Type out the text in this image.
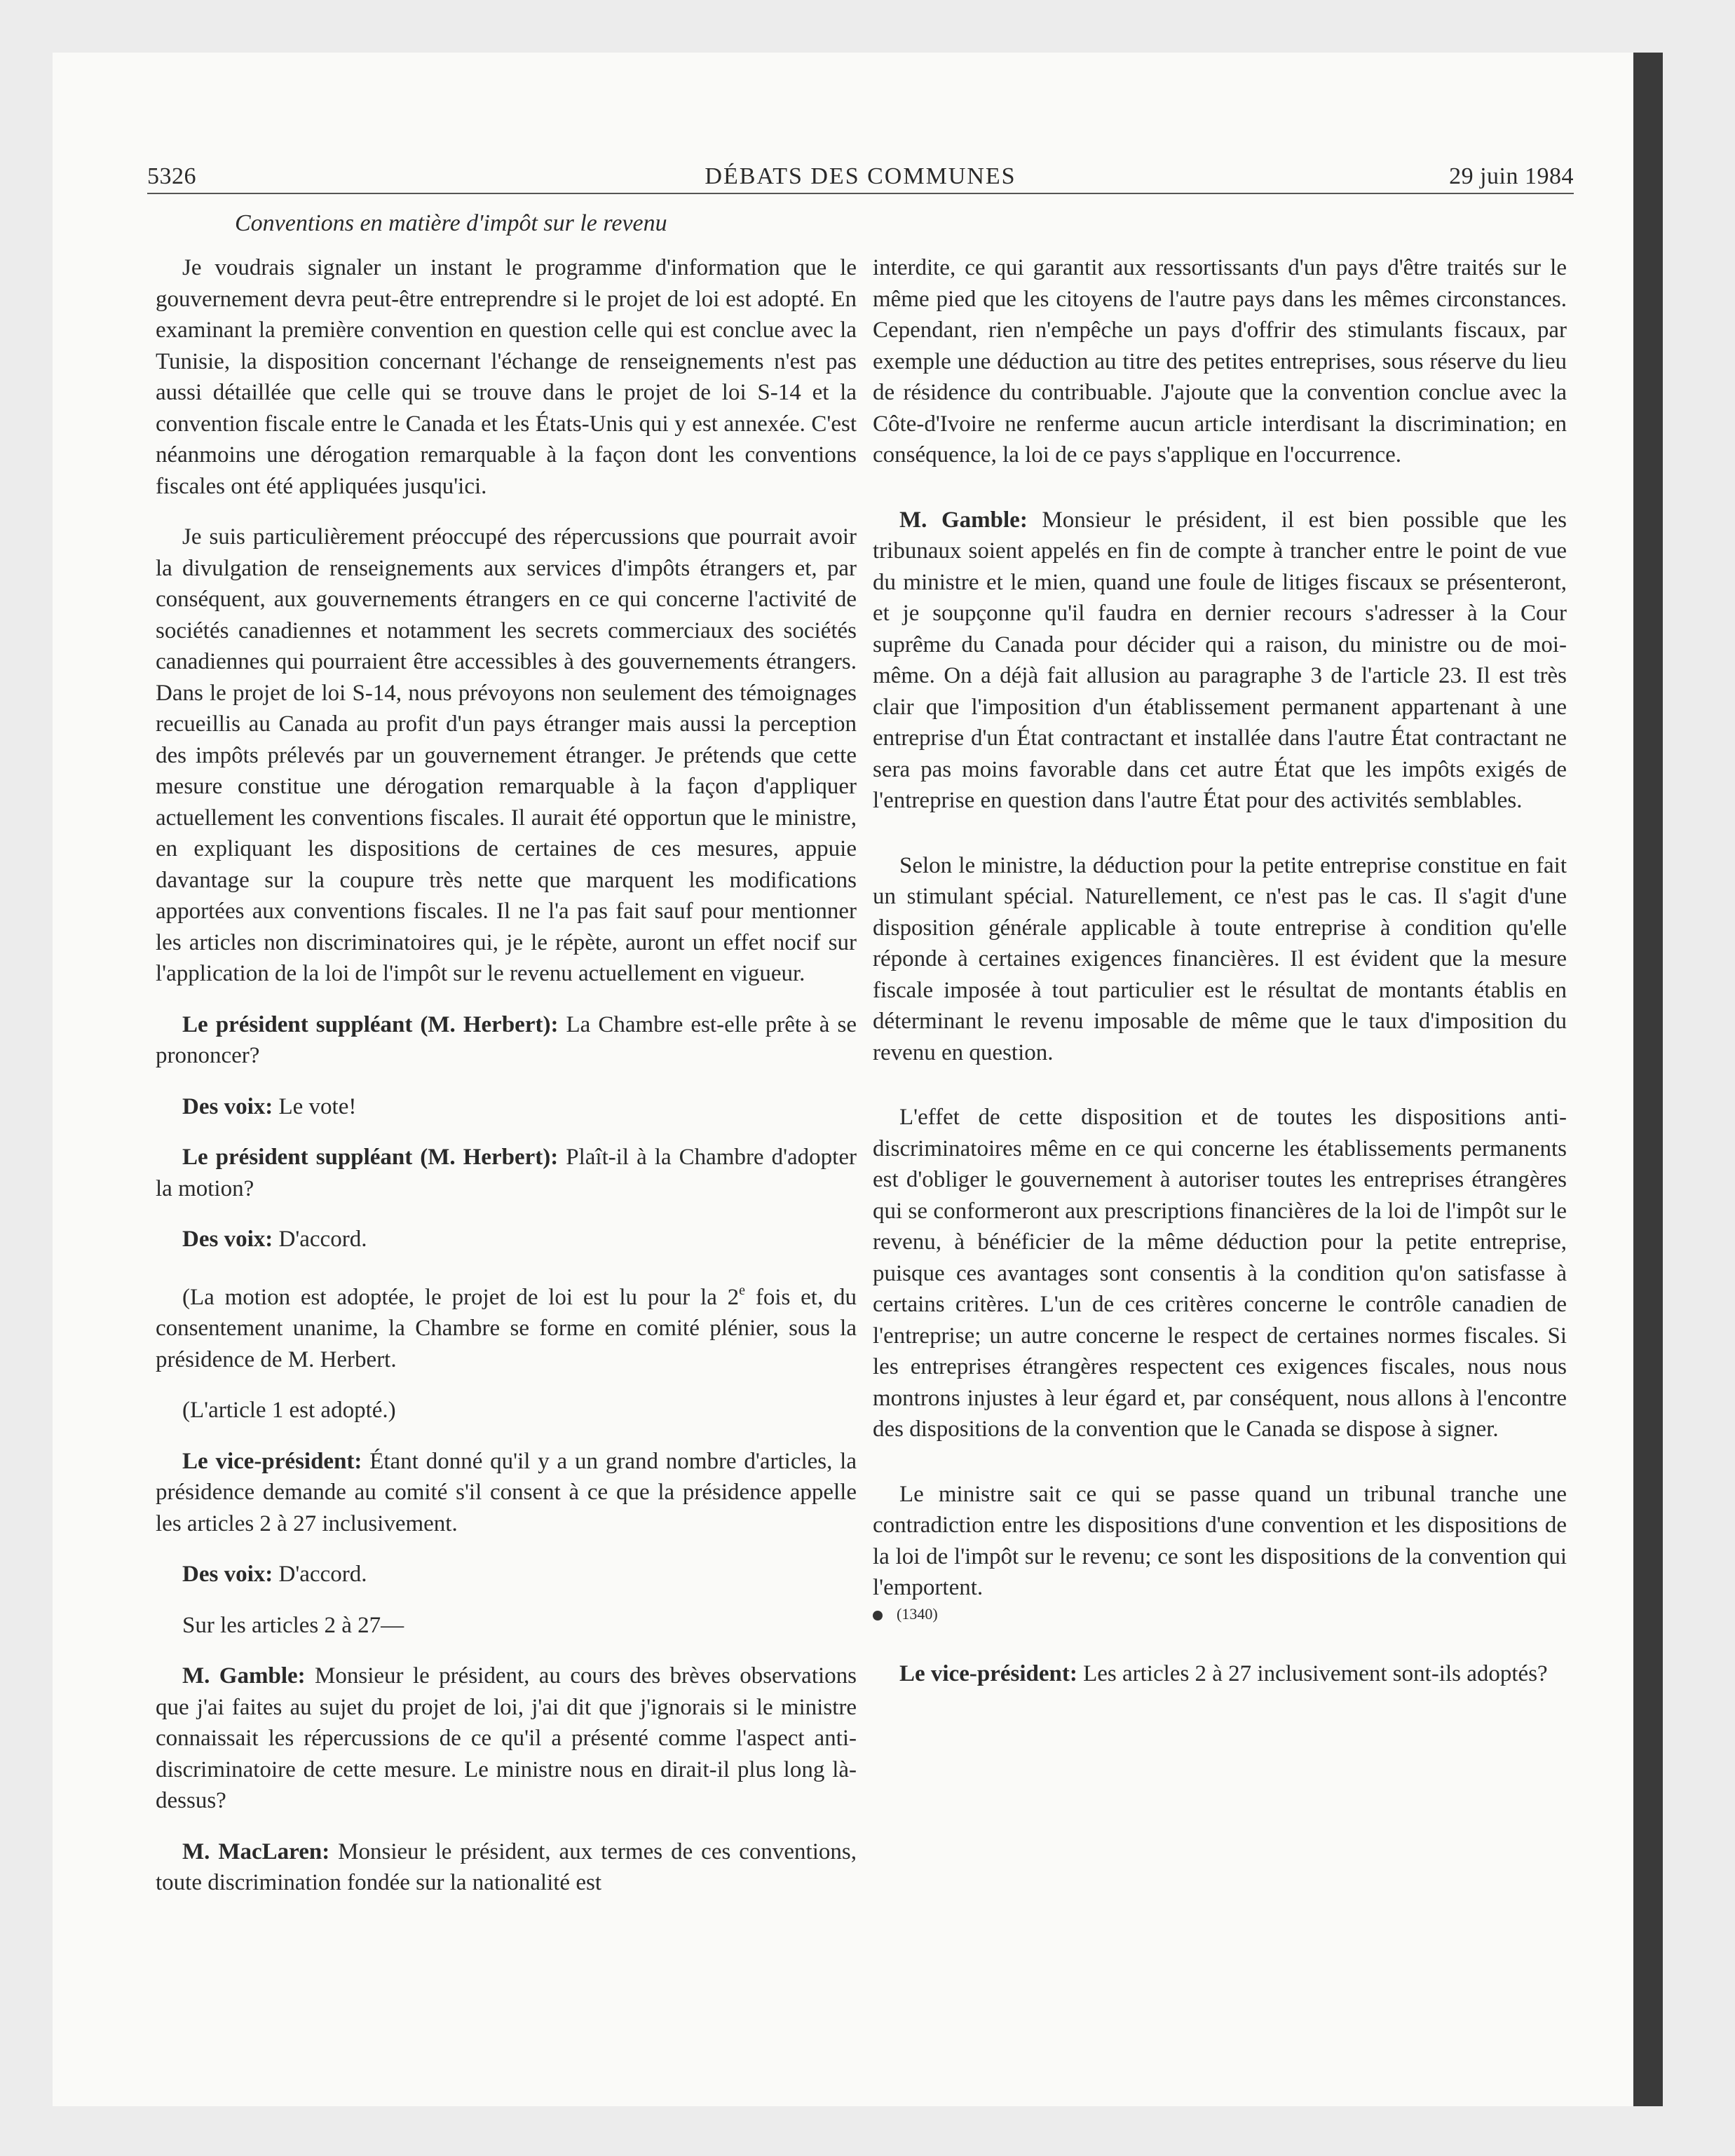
5326	DÉBATS DES COMMUNES	29 juin 1984
Conventions en matière d'impôt sur le revenu

Je voudrais signaler un instant le programme d'information que le gouvernement devra peut-être entreprendre si le projet de loi est adopté. En examinant la première convention en question celle qui est conclue avec la Tunisie, la disposition concernant l'échange de renseignements n'est pas aussi détaillée que celle qui se trouve dans le projet de loi S-14 et la convention fiscale entre le Canada et les États-Unis qui y est annexée. C'est néanmoins une dérogation remarquable à la façon dont les conventions fiscales ont été appliquées jusqu'ici.

Je suis particulièrement préoccupé des répercussions que pourrait avoir la divulgation de renseignements aux services d'impôts étrangers et, par conséquent, aux gouvernements étrangers en ce qui concerne l'activité de sociétés canadiennes et notamment les secrets commerciaux des sociétés canadiennes qui pourraient être accessibles à des gouvernements étrangers. Dans le projet de loi S-14, nous prévoyons non seulement des témoignages recueillis au Canada au profit d'un pays étranger mais aussi la perception des impôts prélevés par un gouvernement étranger. Je prétends que cette mesure constitue une dérogation remarquable à la façon d'appliquer actuellement les conventions fiscales. Il aurait été opportun que le ministre, en expliquant les dispositions de certaines de ces mesures, appuie davantage sur la coupure très nette que marquent les modifications apportées aux conventions fiscales. Il ne l'a pas fait sauf pour mentionner les articles non discriminatoires qui, je le répète, auront un effet nocif sur l'application de la loi de l'impôt sur le revenu actuellement en vigueur.

Le président suppléant (M. Herbert): La Chambre est-elle prête à se prononcer?

Des voix: Le vote!

Le président suppléant (M. Herbert): Plaît-il à la Chambre d'adopter la motion?

Des voix: D'accord.

(La motion est adoptée, le projet de loi est lu pour la 2e fois et, du consentement unanime, la Chambre se forme en comité plénier, sous la présidence de M. Herbert.

(L'article 1 est adopté.)

Le vice-président: Étant donné qu'il y a un grand nombre d'articles, la présidence demande au comité s'il consent à ce que la présidence appelle les articles 2 à 27 inclusivement.

Des voix: D'accord.

Sur les articles 2 à 27—

M. Gamble: Monsieur le président, au cours des brèves observations que j'ai faites au sujet du projet de loi, j'ai dit que j'ignorais si le ministre connaissait les répercussions de ce qu'il a présenté comme l'aspect anti-discriminatoire de cette mesure. Le ministre nous en dirait-il plus long là-dessus?

M. MacLaren: Monsieur le président, aux termes de ces conventions, toute discrimination fondée sur la nationalité est

interdite, ce qui garantit aux ressortissants d'un pays d'être traités sur le même pied que les citoyens de l'autre pays dans les mêmes circonstances. Cependant, rien n'empêche un pays d'offrir des stimulants fiscaux, par exemple une déduction au titre des petites entreprises, sous réserve du lieu de résidence du contribuable. J'ajoute que la convention conclue avec la Côte-d'Ivoire ne renferme aucun article interdisant la discrimination; en conséquence, la loi de ce pays s'applique en l'occurrence.

M. Gamble: Monsieur le président, il est bien possible que les tribunaux soient appelés en fin de compte à trancher entre le point de vue du ministre et le mien, quand une foule de litiges fiscaux se présenteront, et je soupçonne qu'il faudra en dernier recours s'adresser à la Cour suprême du Canada pour décider qui a raison, du ministre ou de moi-même. On a déjà fait allusion au paragraphe 3 de l'article 23. Il est très clair que l'imposition d'un établissement permanent appartenant à une entreprise d'un État contractant et installée dans l'autre État contractant ne sera pas moins favorable dans cet autre État que les impôts exigés de l'entreprise en question dans l'autre État pour des activités semblables.

Selon le ministre, la déduction pour la petite entreprise constitue en fait un stimulant spécial. Naturellement, ce n'est pas le cas. Il s'agit d'une disposition générale applicable à toute entreprise à condition qu'elle réponde à certaines exigences financières. Il est évident que la mesure fiscale imposée à tout particulier est le résultat de montants établis en déterminant le revenu imposable de même que le taux d'imposition du revenu en question.

L'effet de cette disposition et de toutes les dispositions anti-discriminatoires même en ce qui concerne les établissements permanents est d'obliger le gouvernement à autoriser toutes les entreprises étrangères qui se conformeront aux prescriptions financières de la loi de l'impôt sur le revenu, à bénéficier de la même déduction pour la petite entreprise, puisque ces avantages sont consentis à la condition qu'on satisfasse à certains critères. L'un de ces critères concerne le contrôle canadien de l'entreprise; un autre concerne le respect de certaines normes fiscales. Si les entreprises étrangères respectent ces exigences fiscales, nous nous montrons injustes à leur égard et, par conséquent, nous allons à l'encontre des dispositions de la convention que le Canada se dispose à signer.

Le ministre sait ce qui se passe quand un tribunal tranche une contradiction entre les dispositions d'une convention et les dispositions de la loi de l'impôt sur le revenu; ce sont les dispositions de la convention qui l'emportent.

(1340)

Le vice-président: Les articles 2 à 27 inclusivement sont-ils adoptés?
